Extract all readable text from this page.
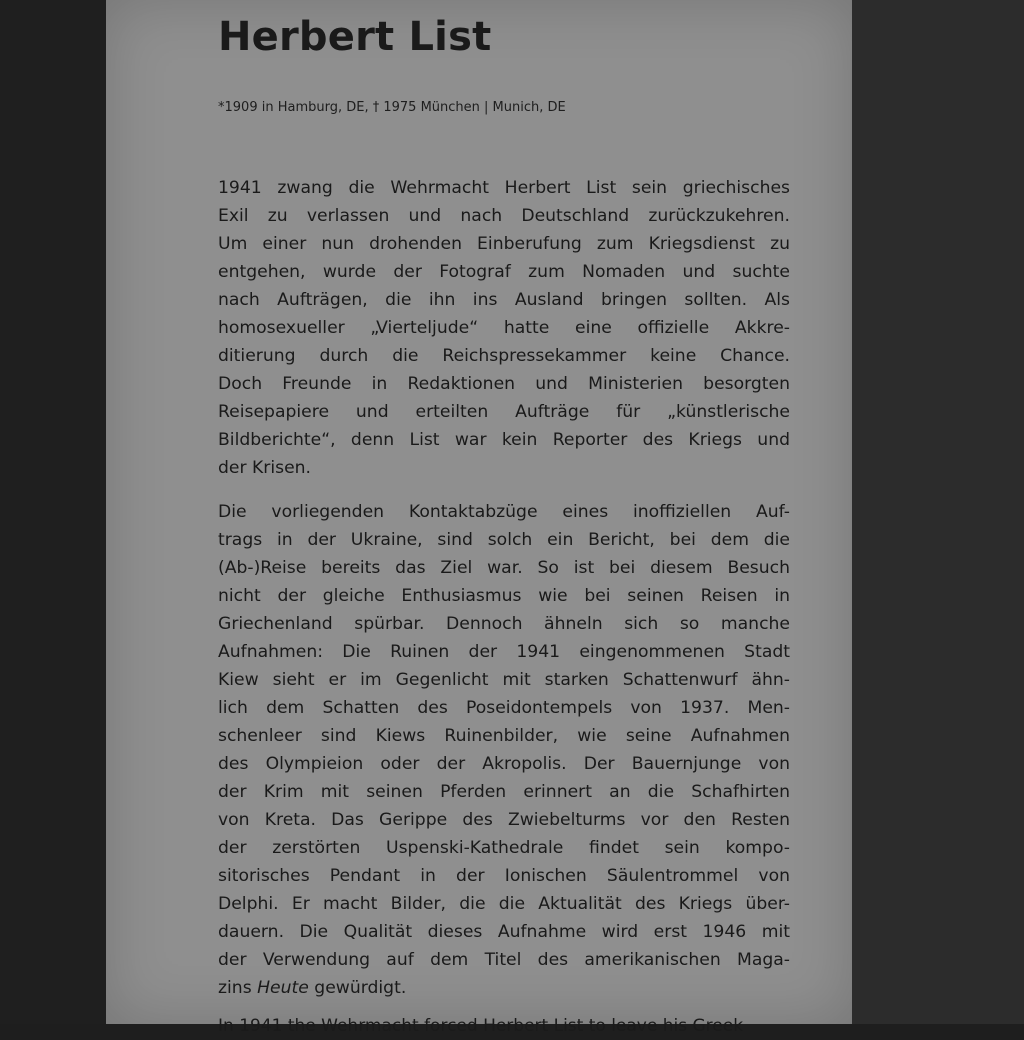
Herbert List
*1909 in Hamburg, DE, † 1975 München | Munich, DE

1941 zwang die Wehrmacht Herbert List sein griechisches
Exil zu verlassen und nach Deutschland zurückzukehren.
Um einer nun drohenden Einberufung zum Kriegsdienst zu
entgehen, wurde der Fotograf zum Nomaden und suchte
nach Aufträgen, die ihn ins Ausland bringen sollten. Als
homosexueller „Vierteljude“ hatte eine offizielle Akkre-
ditierung durch die Reichspressekammer keine Chance.
Doch Freunde in Redaktionen und Ministerien besorgten
Reisepapiere und erteilten Aufträge für „künstlerische
Bildberichte“, denn List war kein Reporter des Kriegs und
der Krisen.

Die vorliegenden Kontaktabzüge eines inoffiziellen Auf-
trags in der Ukraine, sind solch ein Bericht, bei dem die
(Ab-)Reise bereits das Ziel war. So ist bei diesem Besuch
nicht der gleiche Enthusiasmus wie bei seinen Reisen in
Griechenland spürbar. Dennoch ähneln sich so manche
Aufnahmen: Die Ruinen der 1941 eingenommenen Stadt
Kiew sieht er im Gegenlicht mit starken Schattenwurf ähn-
lich dem Schatten des Poseidontempels von 1937. Men-
schenleer sind Kiews Ruinenbilder, wie seine Aufnahmen
des Olympieion oder der Akropolis. Der Bauernjunge von
der Krim mit seinen Pferden erinnert an die Schafhirten
von Kreta. Das Gerippe des Zwiebelturms vor den Resten
der zerstörten Uspenski-Kathedrale findet sein kompo-
sitorisches Pendant in der Ionischen Säulentrommel von
Delphi. Er macht Bilder, die die Aktualität des Kriegs über-
dauern. Die Qualität dieses Aufnahme wird erst 1946 mit
der Verwendung auf dem Titel des amerikanischen Maga-
zins Heute gewürdigt.

In 1941 the Wehrmacht forced Herbert List to leave his Greek
